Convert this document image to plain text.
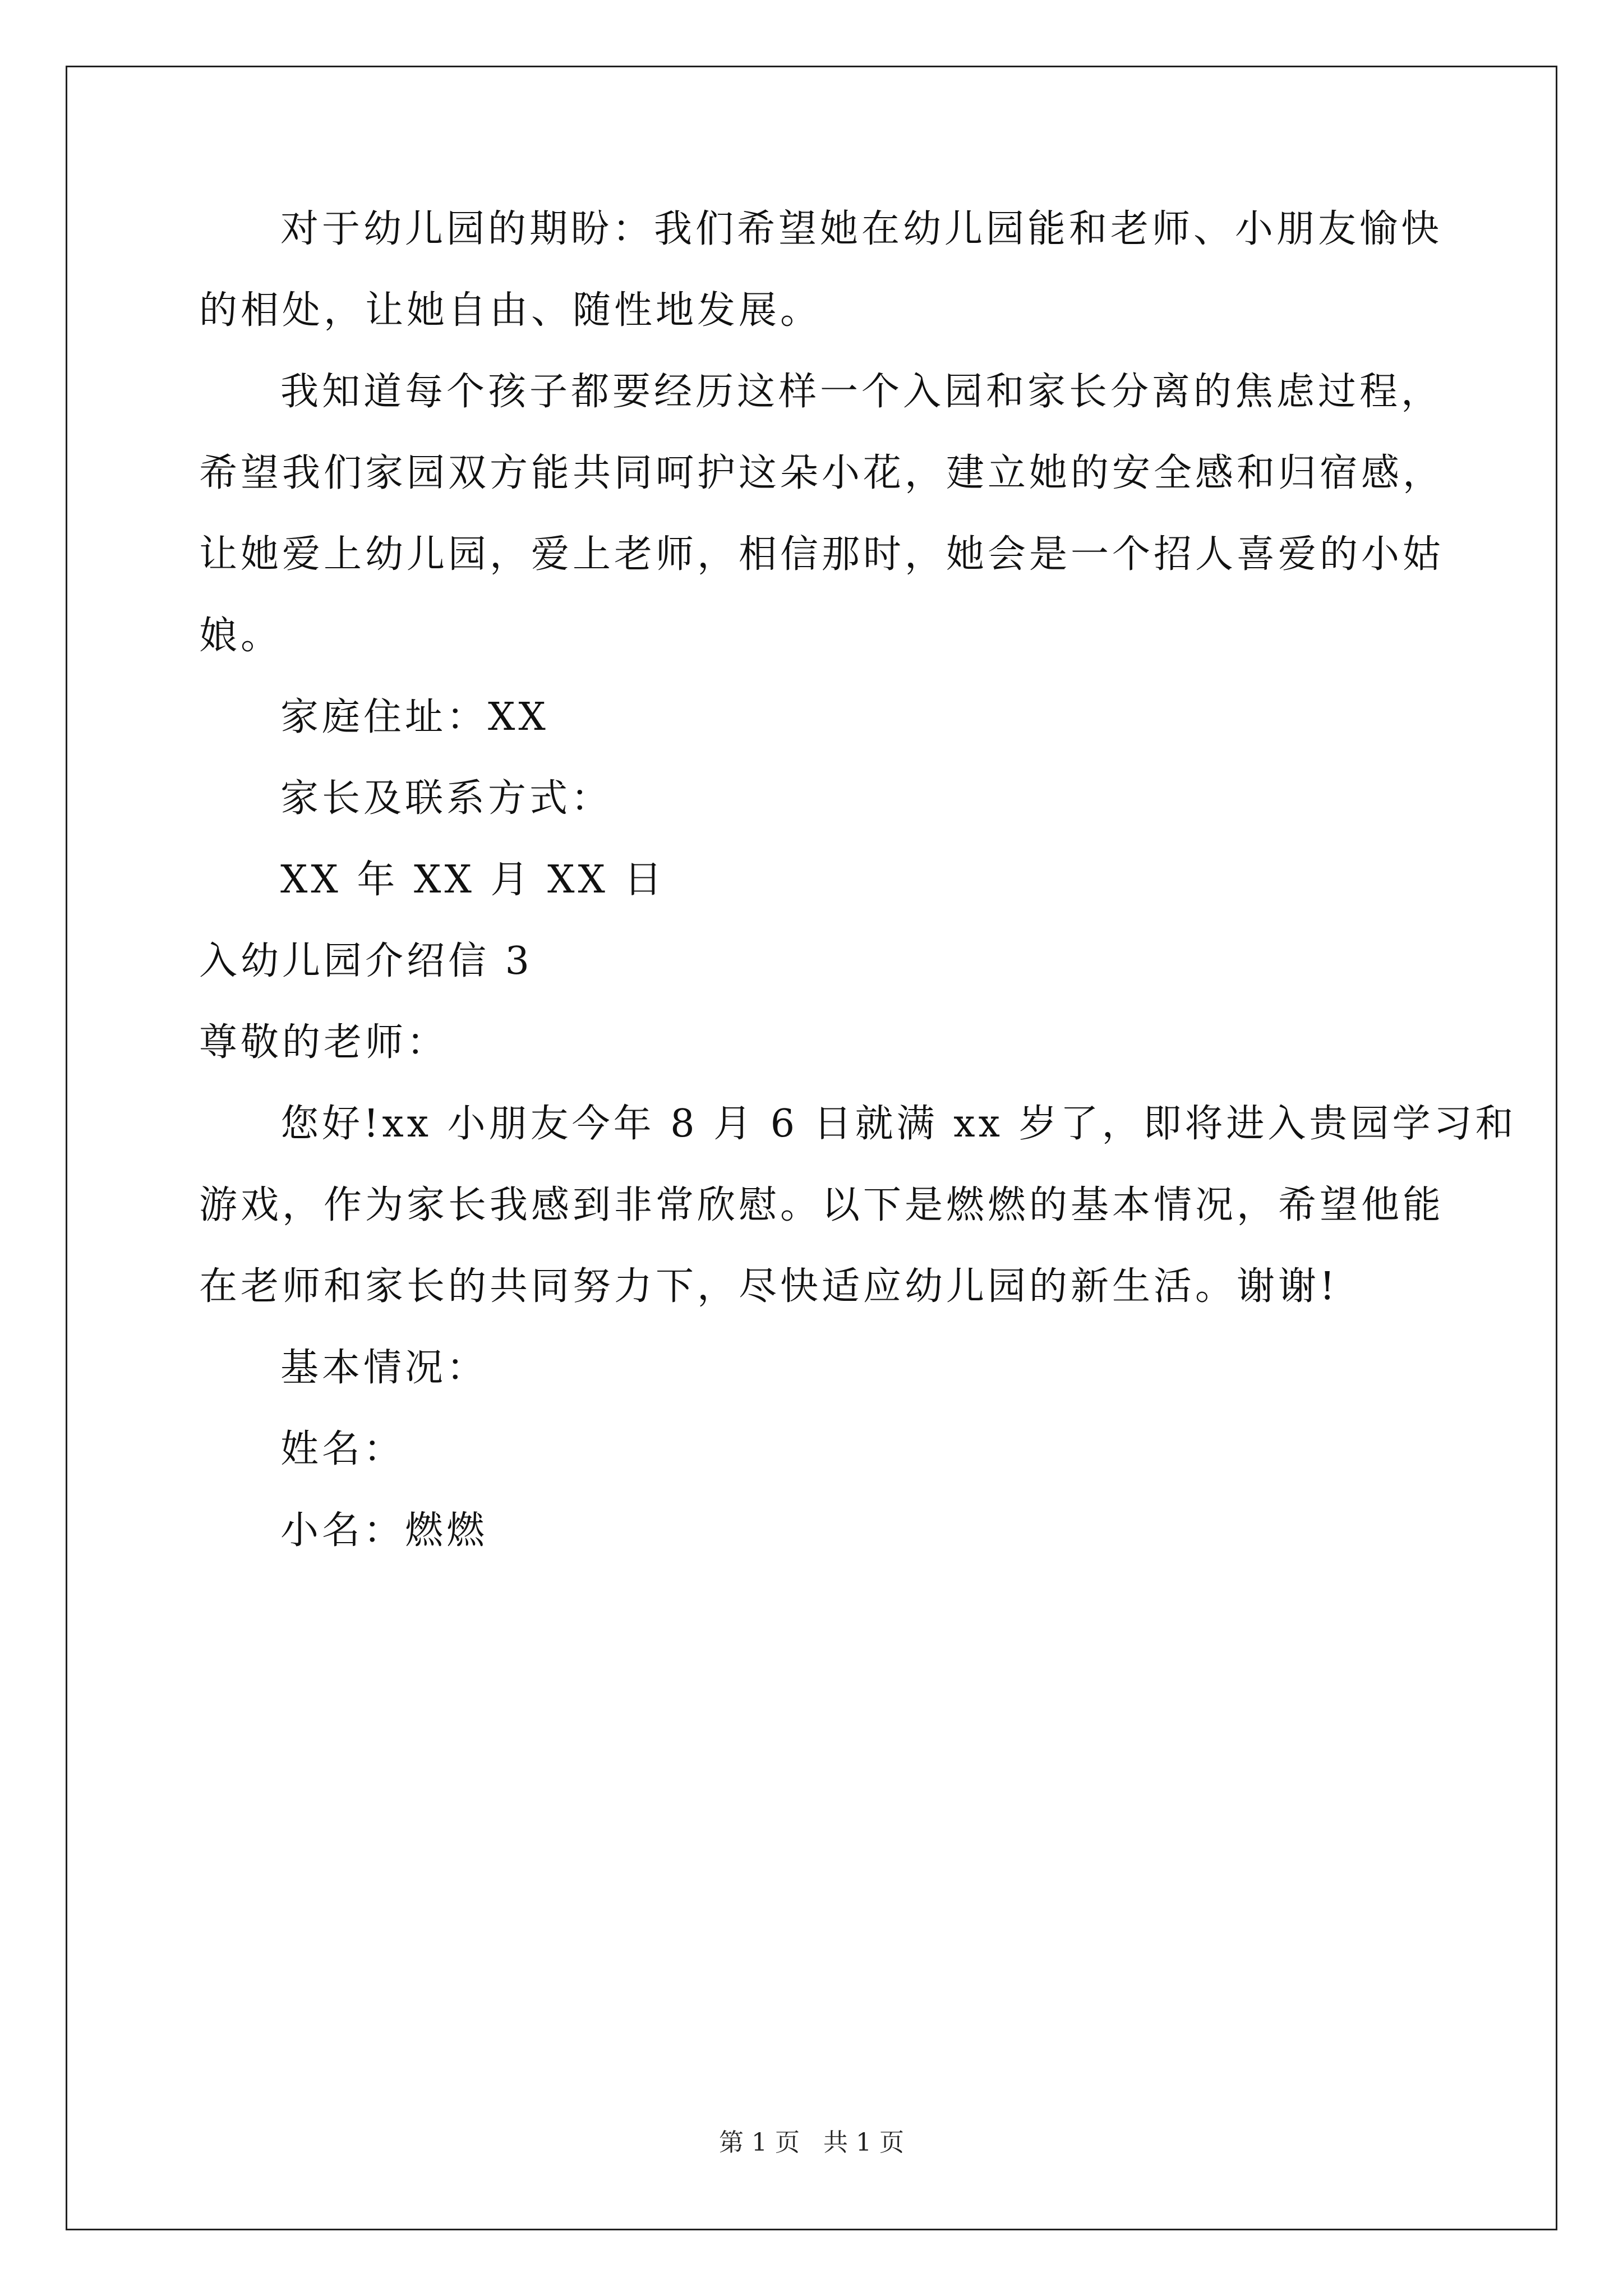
对于幼儿园的期盼：我们希望她在幼儿园能和老师、小朋友愉快
的相处，让她自由、随性地发展。
我知道每个孩子都要经历这样一个入园和家长分离的焦虑过程，
希望我们家园双方能共同呵护这朵小花，建立她的安全感和归宿感，
让她爱上幼儿园，爱上老师，相信那时，她会是一个招人喜爱的小姑
娘。
家庭住址：XX
家长及联系方式：
XX 年 XX 月 XX 日
入幼儿园介绍信 3
尊敬的老师：
您好!xx 小朋友今年 8 月 6 日就满 xx 岁了，即将进入贵园学习和
游戏，作为家长我感到非常欣慰。以下是燃燃的基本情况，希望他能
在老师和家长的共同努力下，尽快适应幼儿园的新生活。谢谢!
基本情况：
姓名：
小名：燃燃
第 1 页   共 1 页
